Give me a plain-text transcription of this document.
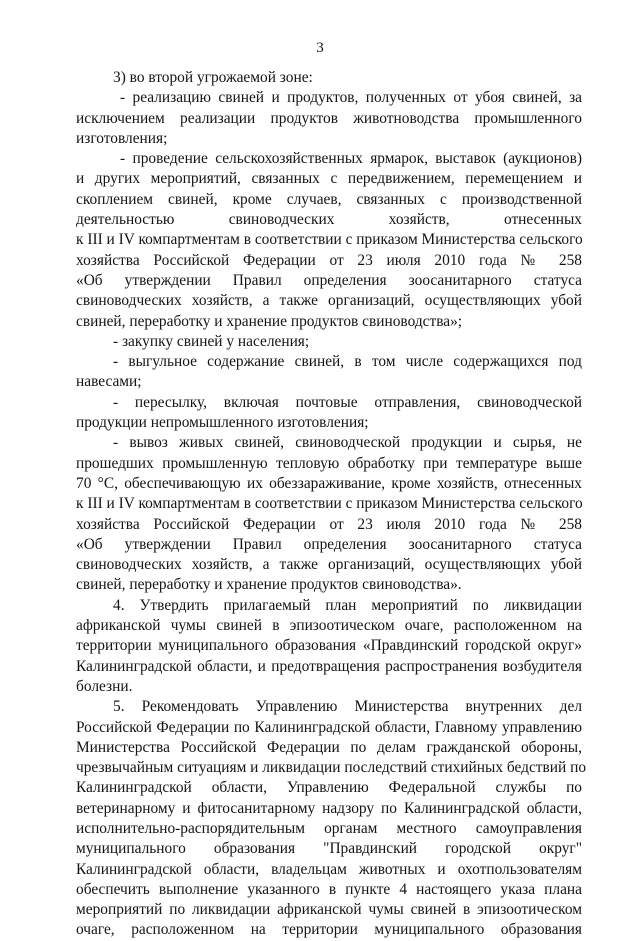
3
3) во второй угрожаемой зоне:
- реализацию свиней и продуктов, полученных от убоя свиней, за
исключением реализации продуктов животноводства промышленного
изготовления;
- проведение сельскохозяйственных ярмарок, выставок (аукционов)
и других мероприятий, связанных с передвижением, перемещением и
скоплением свиней, кроме случаев, связанных с производственной
деятельностью свиноводческих хозяйств, отнесенных
к III и IV компартментам в соответствии с приказом Министерства сельского
хозяйства Российской Федерации от 23 июля 2010 года № 258
«Об утверждении Правил определения зоосанитарного статуса
свиноводческих хозяйств, а также организаций, осуществляющих убой
свиней, переработку и хранение продуктов свиноводства»;
- закупку свиней у населения;
- выгульное содержание свиней, в том числе содержащихся под
навесами;
- пересылку, включая почтовые отправления, свиноводческой
продукции непромышленного изготовления;
- вывоз живых свиней, свиноводческой продукции и сырья, не
прошедших промышленную тепловую обработку при температуре выше
70 °С, обеспечивающую их обеззараживание, кроме хозяйств, отнесенных
к III и IV компартментам в соответствии с приказом Министерства сельского
хозяйства Российской Федерации от 23 июля 2010 года № 258
«Об утверждении Правил определения зоосанитарного статуса
свиноводческих хозяйств, а также организаций, осуществляющих убой
свиней, переработку и хранение продуктов свиноводства».
4. Утвердить прилагаемый план мероприятий по ликвидации
африканской чумы свиней в эпизоотическом очаге, расположенном на
территории муниципального образования «Правдинский городской округ»
Калининградской области, и предотвращения распространения возбудителя
болезни.
5. Рекомендовать Управлению Министерства внутренних дел
Российской Федерации по Калининградской области, Главному управлению
Министерства Российской Федерации по делам гражданской обороны,
чрезвычайным ситуациям и ликвидации последствий стихийных бедствий по
Калининградской области, Управлению Федеральной службы по
ветеринарному и фитосанитарному надзору по Калининградской области,
исполнительно-распорядительным органам местного самоуправления
муниципального образования "Правдинский городской округ"
Калининградской области, владельцам животных и охотпользователям
обеспечить выполнение указанного в пункте 4 настоящего указа плана
мероприятий по ликвидации африканской чумы свиней в эпизоотическом
очаге, расположенном на территории муниципального образования
